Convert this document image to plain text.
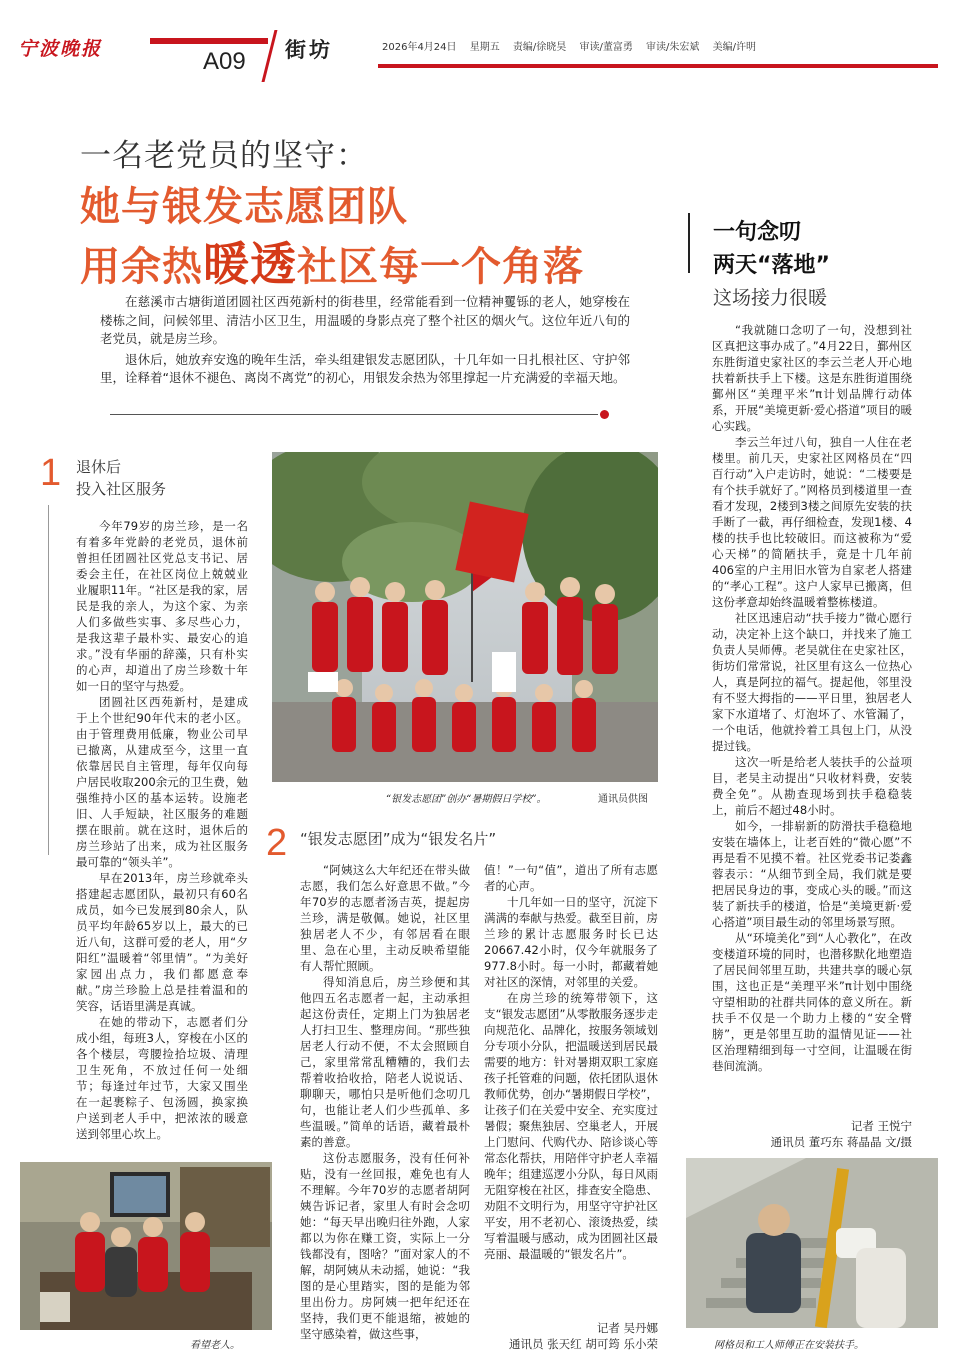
宁波晚报	A09 街坊	2026年4月24日 星期五 责编/徐晓昊 审读/董富勇 审读/朱宏斌 美编/许明
一名老党员的坚守：
她与银发志愿团队
用余热暖透社区每一个角落

在慈溪市古塘街道团圆社区西苑新村的街巷里，经常能看到一位精神矍铄的老人，她穿梭在楼栋之间，问候邻里、清洁小区卫生，用温暖的身影点亮了整个社区的烟火气。这位年近八旬的老党员，就是房兰珍。

退休后，她放弃安逸的晚年生活，牵头组建银发志愿团队，十几年如一日扎根社区、守护邻里，诠释着“退休不褪色、离岗不离党”的初心，用银发余热为邻里撑起一片充满爱的幸福天地。

1 退休后
投入社区服务

今年79岁的房兰珍，是一名有着多年党龄的老党员，退休前曾担任团圆社区党总支书记、居委会主任，在社区岗位上兢兢业业履职11年。“社区是我的家，居民是我的亲人，为这个家、为亲人们多做些实事、多尽些心力，是我这辈子最朴实、最安心的追求。”没有华丽的辞藻，只有朴实的心声，却道出了房兰珍数十年如一日的坚守与热爱。

团圆社区西苑新村，是建成于上个世纪90年代末的老小区。由于管理费用低廉，物业公司早已撤离，从建成至今，这里一直依靠居民自主管理，每年仅向每户居民收取200余元的卫生费，勉强维持小区的基本运转。设施老旧、人手短缺，社区服务的难题摆在眼前。就在这时，退休后的房兰珍站了出来，成为社区服务最可靠的“领头羊”。

早在2013年，房兰珍就牵头搭建起志愿团队，最初只有60名成员，如今已发展到80余人，队员平均年龄65岁以上，最大的已近八旬，这群可爱的老人，用“夕阳红”温暖着“邻里情”。“为美好家园出点力，我们都愿意奉献。”房兰珍脸上总是挂着温和的笑容，话语里满是真诚。

在她的带动下，志愿者们分成小组，每班3人，穿梭在小区的各个楼层，弯腰捡拾垃圾、清理卫生死角，不放过任何一处细节；每逢过年过节，大家又围坐在一起裹粽子、包汤圆，换家换户送到老人手中，把浓浓的暖意送到邻里心坎上。

“银发志愿团”创办“暑期假日学校”。	通讯员供图
2 “银发志愿团”成为“银发名片”

“阿姨这么大年纪还在带头做志愿，我们怎么好意思不做。”今年70岁的志愿者汤吉英，提起房兰珍，满是敬佩。她说，社区里独居老人不少，有邻居看在眼里、急在心里，主动反映希望能有人帮忙照顾。

得知消息后，房兰珍便和其他四五名志愿者一起，主动承担起这份责任，定期上门为独居老人打扫卫生、整理房间。“那些独居老人行动不便，不太会照顾自己，家里常常乱糟糟的，我们去帮着收拾收拾，陪老人说说话、聊聊天，哪怕只是听他们念叨几句，也能让老人们少些孤单、多些温暖。”简单的话语，藏着最朴素的善意。

这份志愿服务，没有任何补贴，没有一丝回报，难免也有人不理解。今年70岁的志愿者胡阿姨告诉记者，家里人有时会念叨她：“每天早出晚归往外跑，人家都以为你在赚工资，实际上一分钱都没有，图啥？”面对家人的不解，胡阿姨从未动摇，她说：“我图的是心里踏实，图的是能为邻里出份力。房阿姨一把年纪还在坚持，我们更不能退缩，被她的坚守感染着，做这些事，

值！”一句“值”，道出了所有志愿者的心声。

十几年如一日的坚守，沉淀下满满的奉献与热爱。截至目前，房兰珍的累计志愿服务时长已达20667.42小时，仅今年就服务了977.8小时。每一小时，都藏着她对社区的深情，对邻里的关爱。

在房兰珍的统筹带领下，这支“银发志愿团”从零散服务逐步走向规范化、品牌化，按服务领域划分专项小分队，把温暖送到居民最需要的地方：针对暑期双职工家庭孩子托管难的问题，依托团队退休教师优势，创办“暑期假日学校”，让孩子们在关爱中安全、充实度过暑假；聚焦独居、空巢老人，开展上门慰问、代购代办、陪诊谈心等常态化帮扶，用陪伴守护老人幸福晚年；组建巡逻小分队，每日风雨无阻穿梭在社区，排查安全隐患、劝阻不文明行为，用坚守守护社区平安，用不老初心、滚烫热爱，续写着温暖与感动，成为团圆社区最亮丽、最温暖的“银发名片”。

记者 吴丹娜
通讯员 张天红 胡可筠 乐小荣
看望老人。
一句念叨
两天“落地”
这场接力很暖

“我就随口念叨了一句，没想到社区真把这事办成了。”4月22日，鄞州区东胜街道史家社区的李云兰老人开心地扶着新扶手上下楼。这是东胜街道围绕鄞州区“美理平米”π计划品牌行动体系，开展“美境更新·爱心搭道”项目的暖心实践。

李云兰年过八旬，独自一人住在老楼里。前几天，史家社区网格员在“四百行动”入户走访时，她说：“二楼要是有个扶手就好了。”网格员到楼道里一查看才发现，2楼到3楼之间原先安装的扶手断了一截，再仔细检查，发现1楼、4楼的扶手也比较破旧。而这被称为“爱心天梯”的简陋扶手，竟是十几年前406室的户主用旧水管为自家老人搭建的“孝心工程”。这户人家早已搬离，但这份孝意却始终温暖着整栋楼道。

社区迅速启动“扶手接力”微心愿行动，决定补上这个缺口，并找来了施工负责人吴师傅。老吴就住在史家社区，街坊们常常说，社区里有这么一位热心人，真是阿拉的福气。提起他，邻里没有不竖大拇指的——平日里，独居老人家下水道堵了、灯泡坏了、水管漏了，一个电话，他就拎着工具包上门，从没提过钱。

这次一听是给老人装扶手的公益项目，老吴主动提出“只收材料费，安装费全免”。从勘查现场到扶手稳稳装上，前后不超过48小时。

如今，一排崭新的防滑扶手稳稳地安装在墙体上，让老百姓的“微心愿”不再是看不见摸不着。社区党委书记娄鑫蓉表示：“从细节到全局，我们就是要把居民身边的事，变成心头的暖。”而这装了新扶手的楼道，恰是“美境更新·爱心搭道”项目最生动的邻里场景写照。

从“环境美化”到“人心教化”，在改变楼道环境的同时，也潜移默化地塑造了居民间邻里互助，共建共享的暖心氛围，这也正是“美理平米”π计划中围绕守望相助的社群共同体的意义所在。新扶手不仅是一个助力上楼的“安全臂膀”，更是邻里互助的温情见证——社区治理精细到每一寸空间，让温暖在街巷间流淌。

记者 王悦宁
通讯员 董巧东 蒋晶晶 文/摄
网格员和工人师傅正在安装扶手。
